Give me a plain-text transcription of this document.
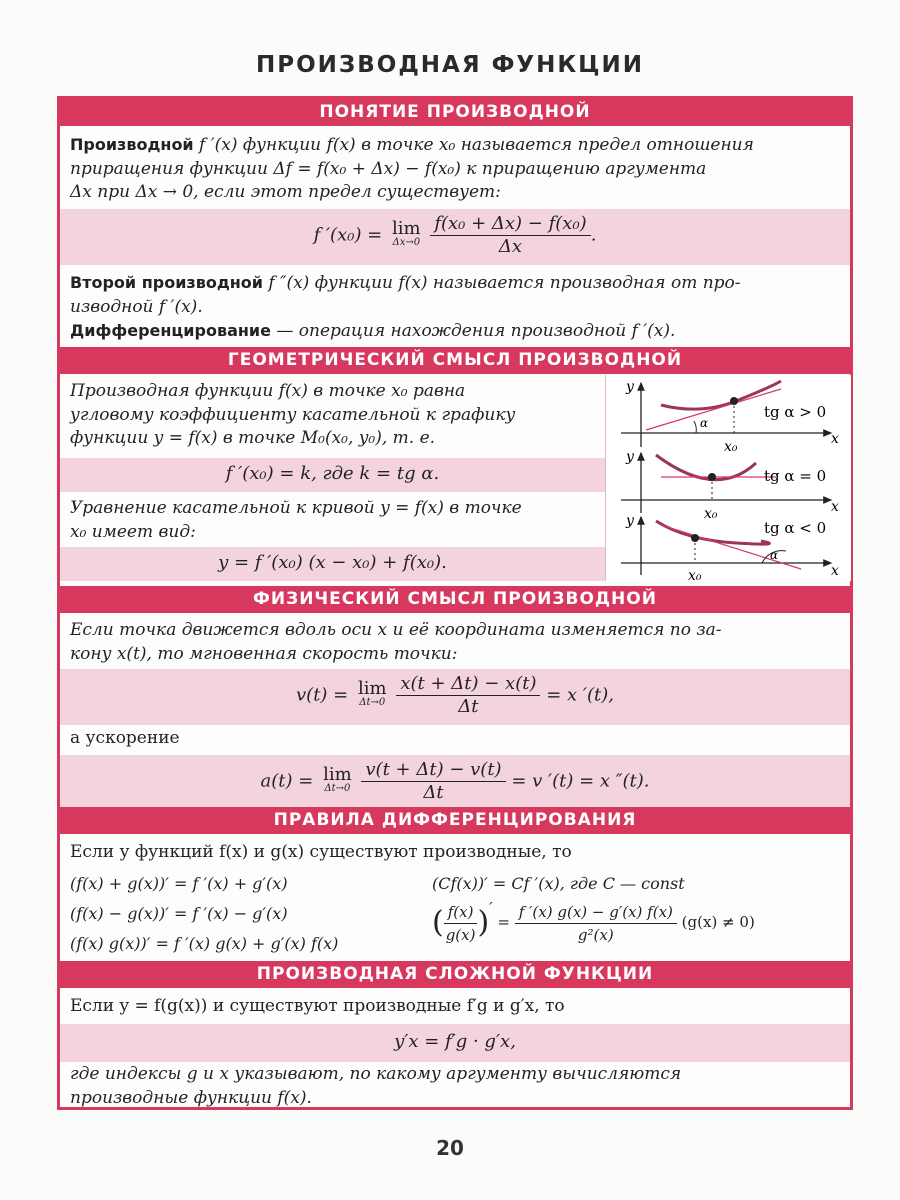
ПРОИЗВОДНАЯ ФУНКЦИИ
ПОНЯТИЕ ПРОИЗВОДНОЙ

Производной f ′(x) функции f(x) в точке x₀ называется предел отношения
приращения функции Δf = f(x₀ + Δx) − f(x₀) к приращению аргумента
Δx при Δx → 0, если этот предел существует:

f ′(x₀) = lim
Δx→0
$\frac{\text{f(x₀ + Δx) − f(x₀)}}{\Delta x}$ .

Второй производной f ″(x) функции f(x) называется производная от про-
изводной f ′(x).
Дифференцирование — операция нахождения производной f ′(x).

ГЕОМЕТРИЧЕСКИЙ СМЫСЛ ПРОИЗВОДНОЙ

Производная функции f(x) в точке x₀ равна
угловому коэффициенту касательной к графику
функции y = f(x) в точке M₀(x₀, y₀), т. е.

f ′(x₀) = k, где k = tg α.

Уравнение касательной к кривой y = f(x) в точке
x₀ имеет вид:

y = f ′(x₀) (x − x₀) + f(x₀).
y
x
x₀
α
tg α > 0
y
x
x₀
tg α = 0
y
x
x₀
α
tg α < 0
ФИЗИЧЕСКИЙ СМЫСЛ ПРОИЗВОДНОЙ

Если точка движется вдоль оси x и её координата изменяется по за-
кону x(t), то мгновенная скорость точки:

v(t) = lim
Δt→0
$\frac{x(t + \Delta t) - x(t)}{\Delta t} = x$ ′(t),

а ускорение

a(t) = lim
Δt→0
$\frac{v(t + \Delta t) - v(t)}{\Delta t} = v$ ′(t) = x ″(t).
ПРАВИЛА ДИФФЕРЕНЦИРОВАНИЯ

Если у функций f(x) и g(x) существуют производные, то

(f(x) + g(x))′ = f ′(x) + g′(x)
(f(x) − g(x))′ = f ′(x) − g′(x)
(f(x) g(x))′ = f ′(x) g(x) + g′(x) f(x)
(Cf(x))′ = Cf ′(x), где C — const
( $\frac{f(x)}{g(x)}$ )′ = $\frac{f '(x) g(x) - g'(x) f(x)}{\text{g²(x)}} (g(x) \ne 0)$
ПРОИЗВОДНАЯ СЛОЖНОЙ ФУНКЦИИ

Если y = f(g(x)) и существуют производные f′g и g′x, то

y′x = f′g · g′x,

где индексы g и x указывают, по какому аргументу вычисляются
производные функции f(x).

20
